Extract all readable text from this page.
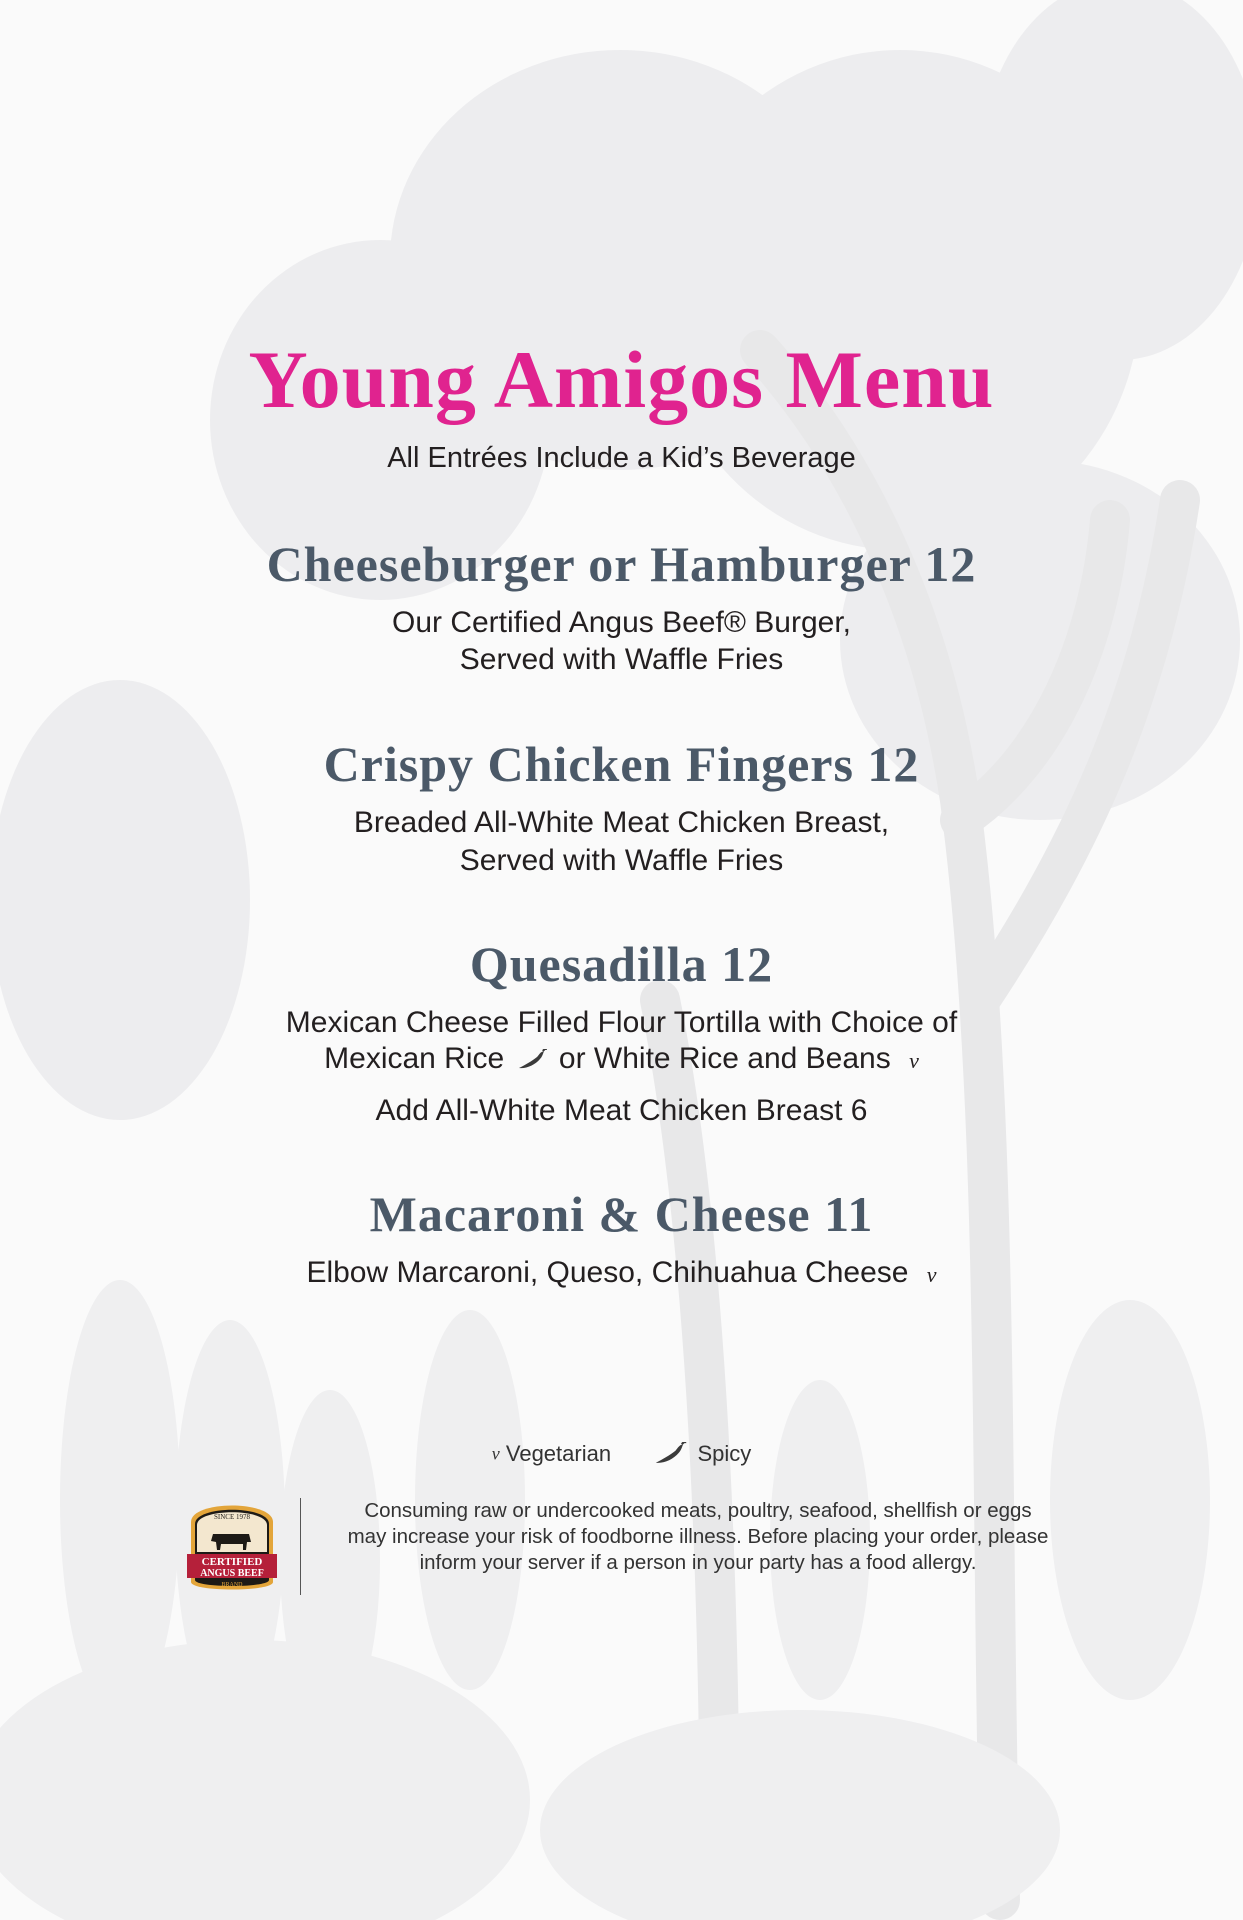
Young Amigos Menu
All Entrées Include a Kid’s Beverage
Cheeseburger or Hamburger 12
Our Certified Angus Beef® Burger,
Served with Waffle Fries
Crispy Chicken Fingers 12
Breaded All-White Meat Chicken Breast,
Served with Waffle Fries
Quesadilla 12
Mexican Cheese Filled Flour Tortilla with Choice of
Mexican Rice or White Rice and Beans v
Add All-White Meat Chicken Breast 6
Macaroni & Cheese 11
Elbow Marcaroni, Queso, Chihuahua Cheese v
v Vegetarian	Spicy
SINCE 1978
CERTIFIED
ANGUS BEEF
BRAND
Consuming raw or undercooked meats, poultry, seafood, shellfish or eggs
may increase your risk of foodborne illness. Before placing your order, please
inform your server if a person in your party has a food allergy.
